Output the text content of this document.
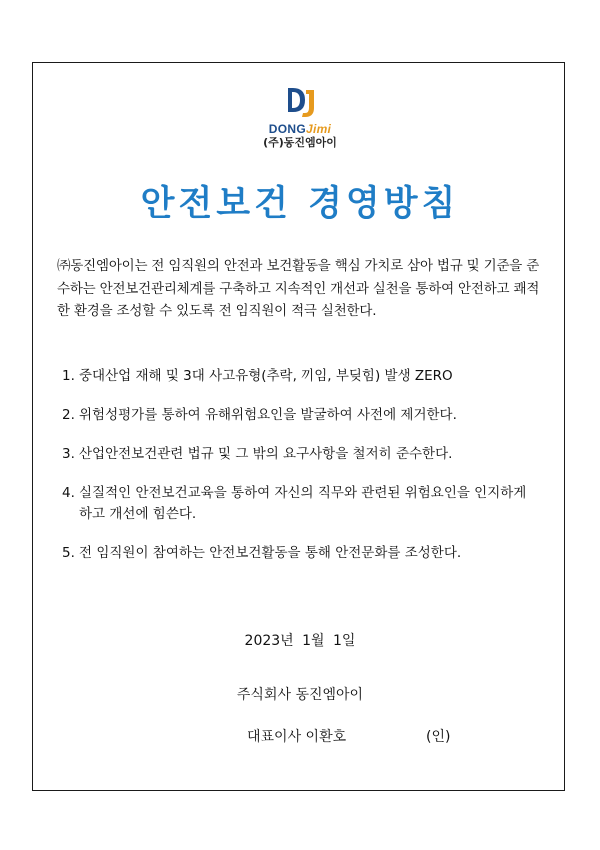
DONGJimi
(주)동진엠아이
안전보건 경영방침

㈜동진엠아이는 전 임직원의 안전과 보건활동을 핵심 가치로 삼아 법규 및 기준을 준수하는 안전보건관리체계를 구축하고 지속적인 개선과 실천을 통하여 안전하고 쾌적한 환경을 조성할 수 있도록 전 임직원이 적극 실천한다.

1. 중대산업 재해 및 3대 사고유형(추락, 끼임, 부딪힘) 발생 ZERO
2. 위험성평가를 통하여 유해위험요인을 발굴하여 사전에 제거한다.
3. 산업안전보건관련 법규 및 그 밖의 요구사항을 철저히 준수한다.
4. 실질적인 안전보건교육을 통하여 자신의 직무와 관련된 위험요인을 인지하게 하고 개선에 힘쓴다.
5. 전 임직원이 참여하는 안전보건활동을 통해 안전문화를 조성한다.
2023년 1월 1일
주식회사 동진엠아이
대표이사 이환호	(인)
